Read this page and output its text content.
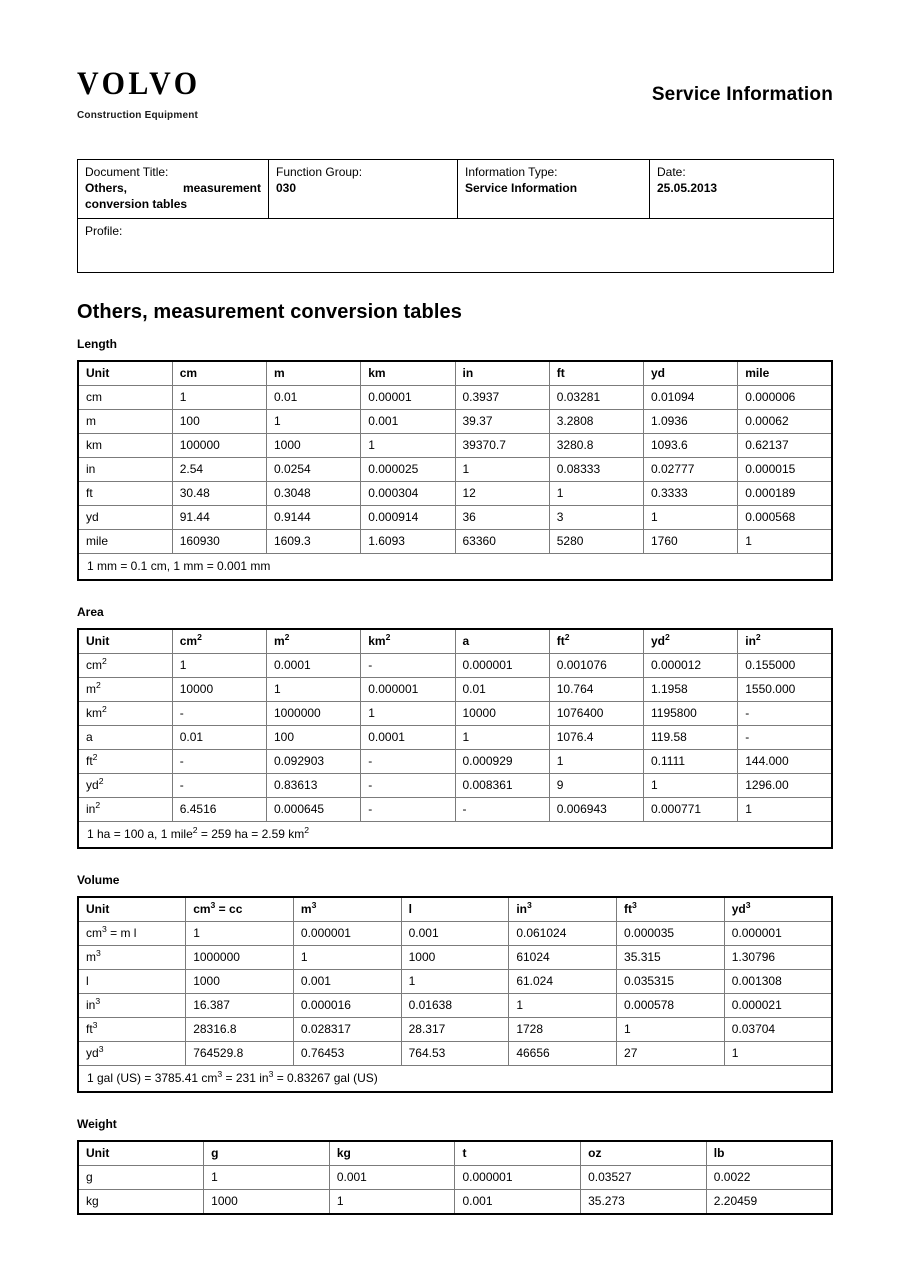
VOLVO
Construction Equipment
Service Information
Document Title:
Others, measurement
conversion tables

Function Group:
030

Information Type:
Service Information

Date:
25.05.2013

Profile:
Others, measurement conversion tables
Length
Unit	cm	m	km	in	ft	yd	mile
cm	1	0.01	0.00001	0.3937	0.03281	0.01094	0.000006
m	100	1	0.001	39.37	3.2808	1.0936	0.00062
km	100000	1000	1	39370.7	3280.8	1093.6	0.62137
in	2.54	0.0254	0.000025	1	0.08333	0.02777	0.000015
ft	30.48	0.3048	0.000304	12	1	0.3333	0.000189
yd	91.44	0.9144	0.000914	36	3	1	0.000568
mile	160930	1609.3	1.6093	63360	5280	1760	1
1 mm = 0.1 cm, 1 mm = 0.001 mm							
Area
Unit	$cm^2$	$m^2$	$km^2$	a	$ft^2$	$yd^2$	$in^2$
$cm^2$	1	0.0001	-	0.000001	0.001076	0.000012	0.155000
$m^2$	10000	1	0.000001	0.01	10.764	1.1958	1550.000
$km^2$	-	1000000	1	10000	1076400	1195800	-
a	0.01	100	0.0001	1	1076.4	119.58	-
$ft^2$	-	0.092903	-	0.000929	1	0.1111	144.000
$yd^2$	-	0.83613	-	0.008361	9	1	1296.00
$in^2$	6.4516	0.000645	-	-	0.006943	0.000771	1
1 ha = 100 a, 1 mile$^2$ = 259 ha = 2.59 $km^2$
Volume
Unit	$cm^3$ = cc	$m^3$	l	$in^3$	$ft^3$	$yd^3$
$cm^3 = m$ l	1	0.000001	0.001	0.061024	0.000035	0.000001
$m^3$	1000000	1	1000	61024	35.315	1.30796
l	1000	0.001	1	61.024	0.035315	0.001308
$in^3$	16.387	0.000016	0.01638	1	0.000578	0.000021
$ft^3$	28316.8	0.028317	28.317	1728	1	0.03704
$yd^3$	764529.8	0.76453	764.53	46656	27	1
1 gal (US) = 3785.41 $cm^3 = 231$ $in^3 = 0.83267$ gal (US)						
Weight
Unit	g	kg	t	oz	lb
g	1	0.001	0.000001	0.03527	0.0022
kg	1000	1	0.001	35.273	2.20459
